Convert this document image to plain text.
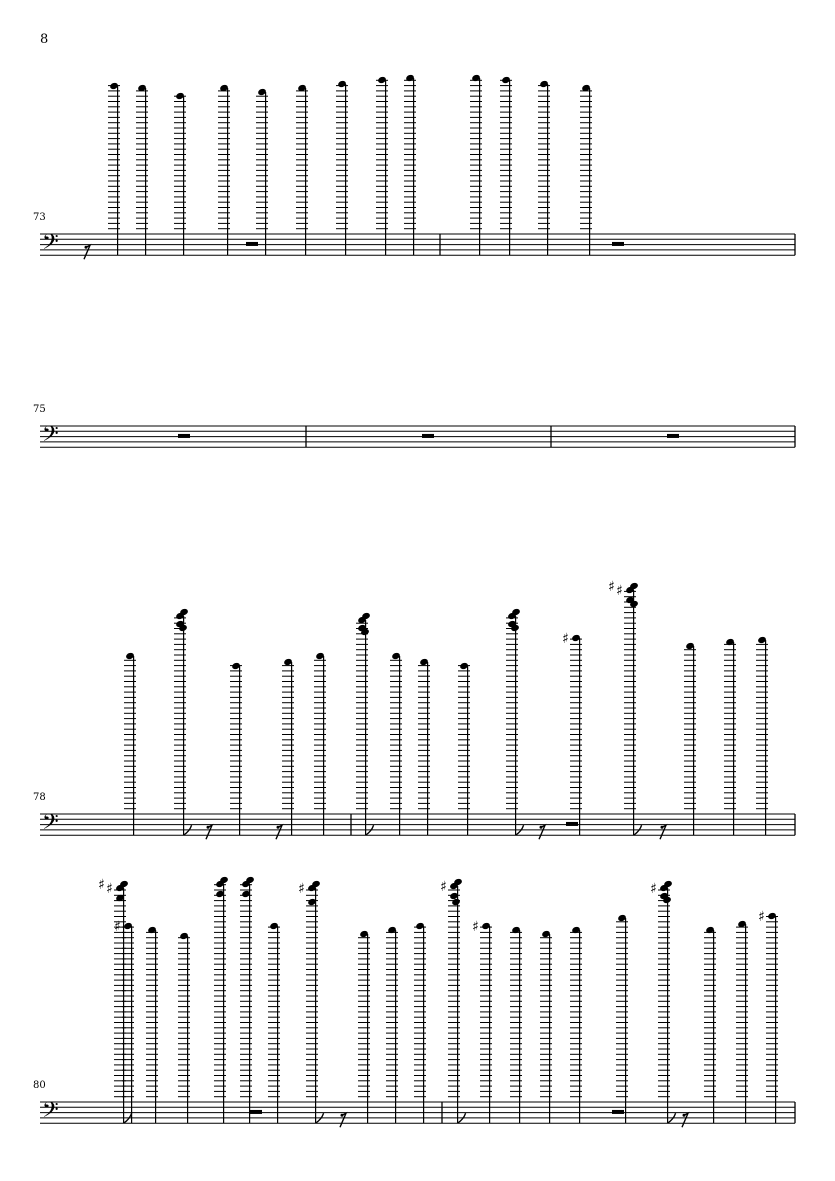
8
73
75
78
80
𝄢
𝄢
𝄢
𝄢
♯
♯
♯
♯
♯
♯
♯	♯
♯
♯
♯
